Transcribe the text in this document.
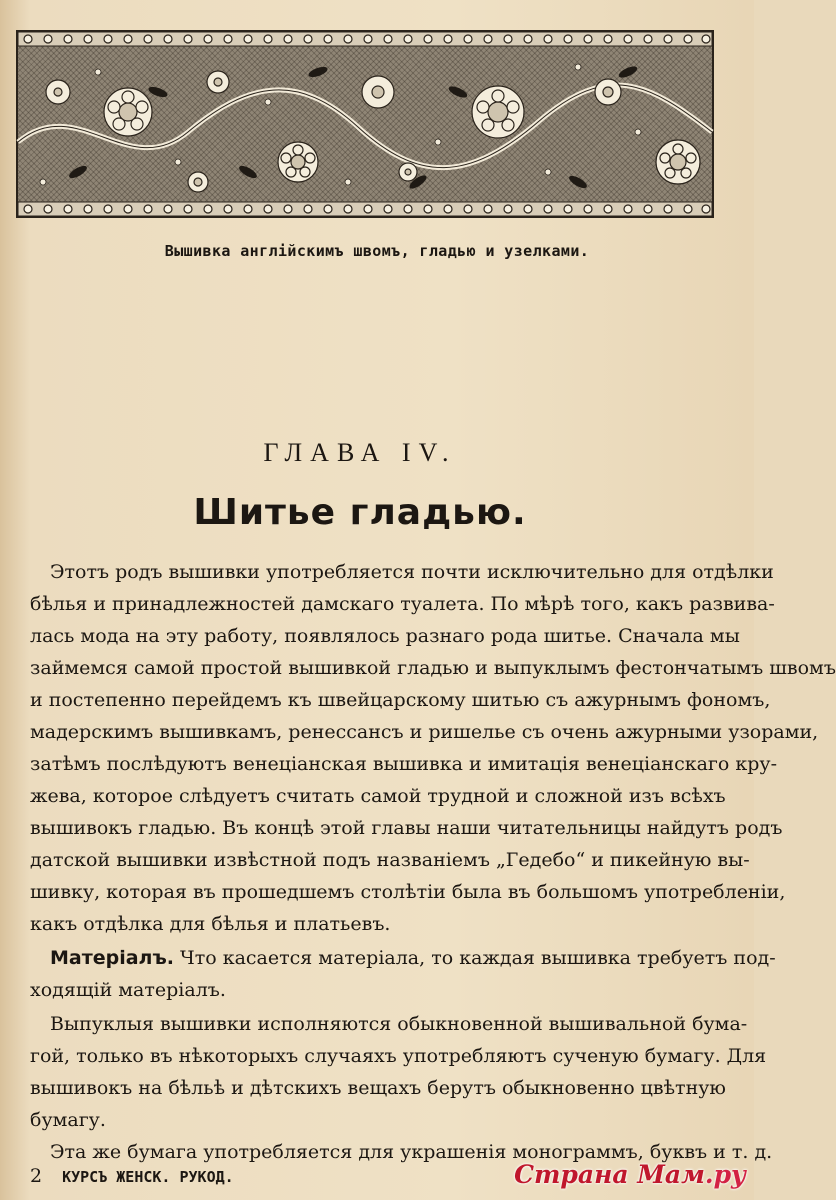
Вышивка англійскимъ швомъ, гладью и узелками.
ГЛАВА IV.
Шитье гладью.
Этотъ родъ вышивки употребляется почти исключительно для отдѣлки
бѣлья и принадлежностей дамскаго туалета. По мѣрѣ того, какъ развива-
лась мода на эту работу, появлялось разнаго рода шитье. Сначала мы
займемся самой простой вышивкой гладью и выпуклымъ фестончатымъ швомъ
и постепенно перейдемъ къ швейцарскому шитью съ ажурнымъ фономъ,
мадерскимъ вышивкамъ, ренессансъ и ришелье съ очень ажурными узорами,
затѣмъ послѣдуютъ венеціанская вышивка и имитація венеціанскаго кру-
жева, которое слѣдуетъ считать самой трудной и сложной изъ всѣхъ
вышивокъ гладью. Въ концѣ этой главы наши читательницы найдутъ родъ
датской вышивки извѣстной подъ названіемъ „Гедебо“ и пикейную вы-
шивку, которая въ прошедшемъ столѣтіи была въ большомъ употребленіи,
какъ отдѣлка для бѣлья и платьевъ.
Матеріалъ. Что касается матеріала, то каждая вышивка требуетъ под-
ходящій матеріалъ.
Выпуклыя вышивки исполняются обыкновенной вышивальной бума-
гой, только въ нѣкоторыхъ случаяхъ употребляютъ сученую бумагу. Для
вышивокъ на бѣльѣ и дѣтскихъ вещахъ берутъ обыкновенно цвѣтную
бумагу.
Эта же бумага употребляется для украшенія монограммъ, буквъ и т. д.
2 КУРСЪ ЖЕНСК. РУКОД.	Страна Мам.ру
